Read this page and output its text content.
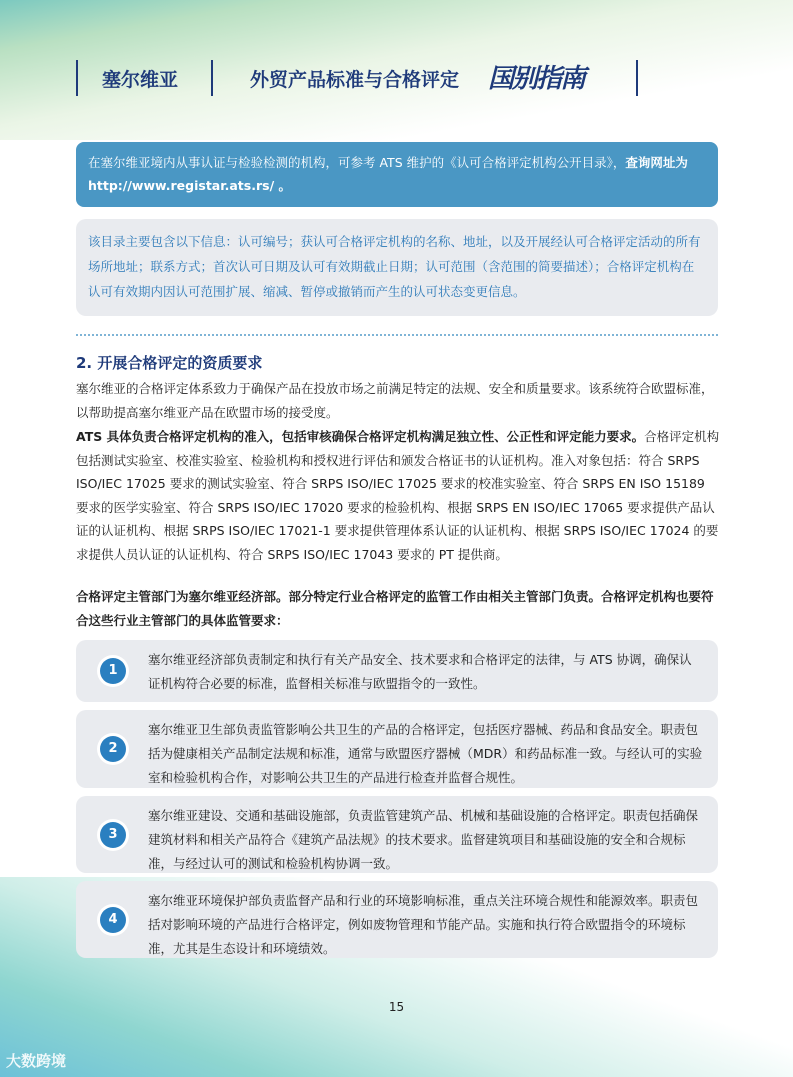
塞尔维亚	外贸产品标准与合格评定 国别指南
在塞尔维亚境内从事认证与检验检测的机构，可参考 ATS 维护的《认可合格评定机构公开目录》，查询网址为 http://www.registar.ats.rs/ 。
该目录主要包含以下信息：认可编号；获认可合格评定机构的名称、地址，以及开展经认可合格评定活动的所有场所地址；联系方式；首次认可日期及认可有效期截止日期；认可范围（含范围的简要描述）；合格评定机构在认可有效期内因认可范围扩展、缩减、暂停或撤销而产生的认可状态变更信息。
2. 开展合格评定的资质要求
塞尔维亚的合格评定体系致力于确保产品在投放市场之前满足特定的法规、安全和质量要求。该系统符合欧盟标准，以帮助提高塞尔维亚产品在欧盟市场的接受度。
ATS 具体负责合格评定机构的准入，包括审核确保合格评定机构满足独立性、公正性和评定能力要求。合格评定机构包括测试实验室、校准实验室、检验机构和授权进行评估和颁发合格证书的认证机构。准入对象包括：符合 SRPS ISO/IEC 17025 要求的测试实验室、符合 SRPS ISO/IEC 17025 要求的校准实验室、符合 SRPS EN ISO 15189 要求的医学实验室、符合 SRPS ISO/IEC 17020 要求的检验机构、根据 SRPS EN ISO/IEC 17065 要求提供产品认证的认证机构、根据 SRPS ISO/IEC 17021-1 要求提供管理体系认证的认证机构、根据 SRPS ISO/IEC 17024 的要求提供人员认证的认证机构、符合 SRPS ISO/IEC 17043 要求的 PT 提供商。
合格评定主管部门为塞尔维亚经济部。部分特定行业合格评定的监管工作由相关主管部门负责。合格评定机构也要符合这些行业主管部门的具体监管要求：
1
塞尔维亚经济部负责制定和执行有关产品安全、技术要求和合格评定的法律，与 ATS 协调，确保认证机构符合必要的标准，监督相关标准与欧盟指令的一致性。
2
塞尔维亚卫生部负责监管影响公共卫生的产品的合格评定，包括医疗器械、药品和食品安全。职责包括为健康相关产品制定法规和标准，通常与欧盟医疗器械（MDR）和药品标准一致。与经认可的实验室和检验机构合作，对影响公共卫生的产品进行检查并监督合规性。
3
塞尔维亚建设、交通和基础设施部，负责监管建筑产品、机械和基础设施的合格评定。职责包括确保建筑材料和相关产品符合《建筑产品法规》的技术要求。监督建筑项目和基础设施的安全和合规标准，与经过认可的测试和检验机构协调一致。
4
塞尔维亚环境保护部负责监督产品和行业的环境影响标准，重点关注环境合规性和能源效率。职责包括对影响环境的产品进行合格评定，例如废物管理和节能产品。实施和执行符合欧盟指令的环境标准，尤其是生态设计和环境绩效。
15
大数跨境
